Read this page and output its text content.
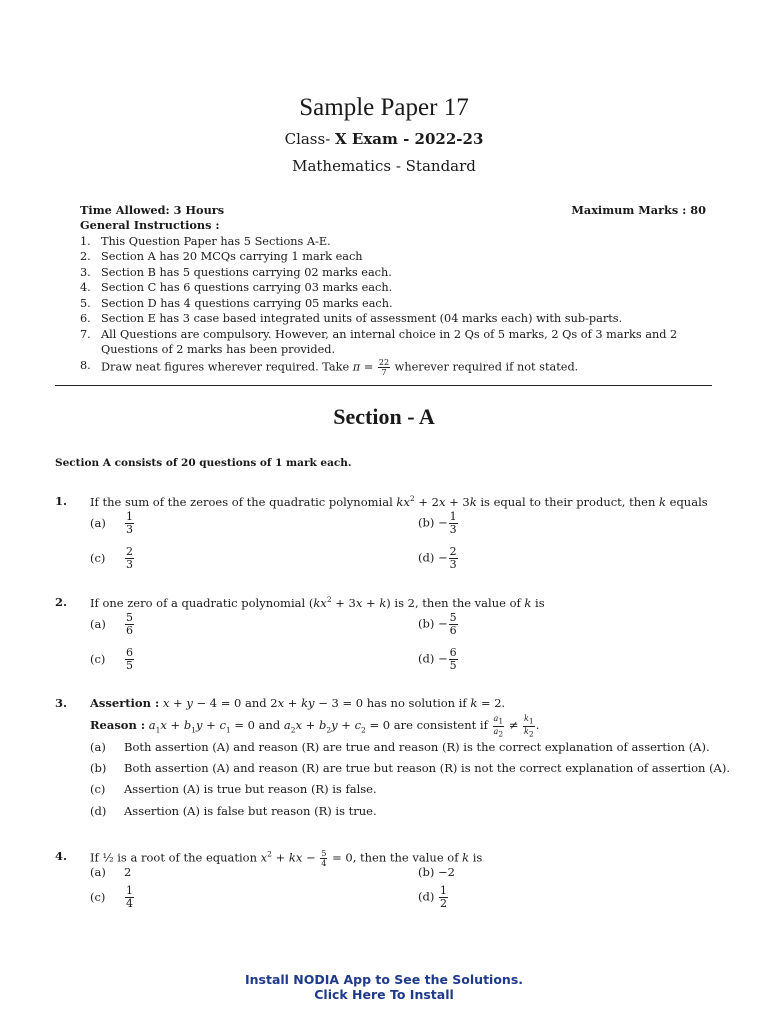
Sample Paper 17
Class- X Exam - 2022-23
Mathematics - Standard
Time Allowed: 3 Hours	Maximum Marks : 80
General Instructions :
1. This Question Paper has 5 Sections A-E.
2. Section A has 20 MCQs carrying 1 mark each
3. Section B has 5 questions carrying 02 marks each.
4. Section C has 6 questions carrying 03 marks each.
5. Section D has 4 questions carrying 05 marks each.
6. Section E has 3 case based integrated units of assessment (04 marks each) with sub-parts.
7. All Questions are compulsory. However, an internal choice in 2 Qs of 5 marks, 2 Qs of 3 marks and 2 Questions of 2 marks has been provided.
8. Draw neat figures wherever required. Take $\pi = \frac{22}{7}$ wherever required if not stated.
Section - A
Section A consists of 20 questions of 1 mark each.
1. If the sum of the zeroes of the quadratic polynomial $kx^2 + 2x + 3k$ is equal to their product, then k equals
$(a) \frac{1}{3}$	$(b) - \frac{1}{3}$
$(c) \frac{2}{3}$	$(d) - \frac{2}{3}$
2. If one zero of a quadratic polynomial $(kx^2 + 3x + k)$ is 2, then the value of k is
$(a) \frac{5}{6}$	$(b) - \frac{5}{6}$
$(c) \frac{6}{5}$	$(d) - \frac{6}{5}$
3. Assertion : x + y − 4 = 0 and 2x + ky − 3 = 0 has no solution if k = 2.
Reason : $a_1x + b_1y + c_1 = 0$ and $a_2x + b_2y + c_2 = 0$ are consistent if $\frac{a_1}{a_2} \ne \frac{k_1}{k_2}$ .
(a) Both assertion (A) and reason (R) are true and reason (R) is the correct explanation of assertion (A).
(b) Both assertion (A) and reason (R) are true but reason (R) is not the correct explanation of assertion (A).
(c) Assertion (A) is true but reason (R) is false.
(d) Assertion (A) is false but reason (R) is true.
4. If ½ is a root of the equation $x^2$ + kx − $\frac{5}{4} = 0$, then the value of k is
(a) 2	(b) −2
$(c) \frac{1}{4}$	$(d) \frac{1}{2}$
Install NODIA App to See the Solutions.
Click Here To Install
